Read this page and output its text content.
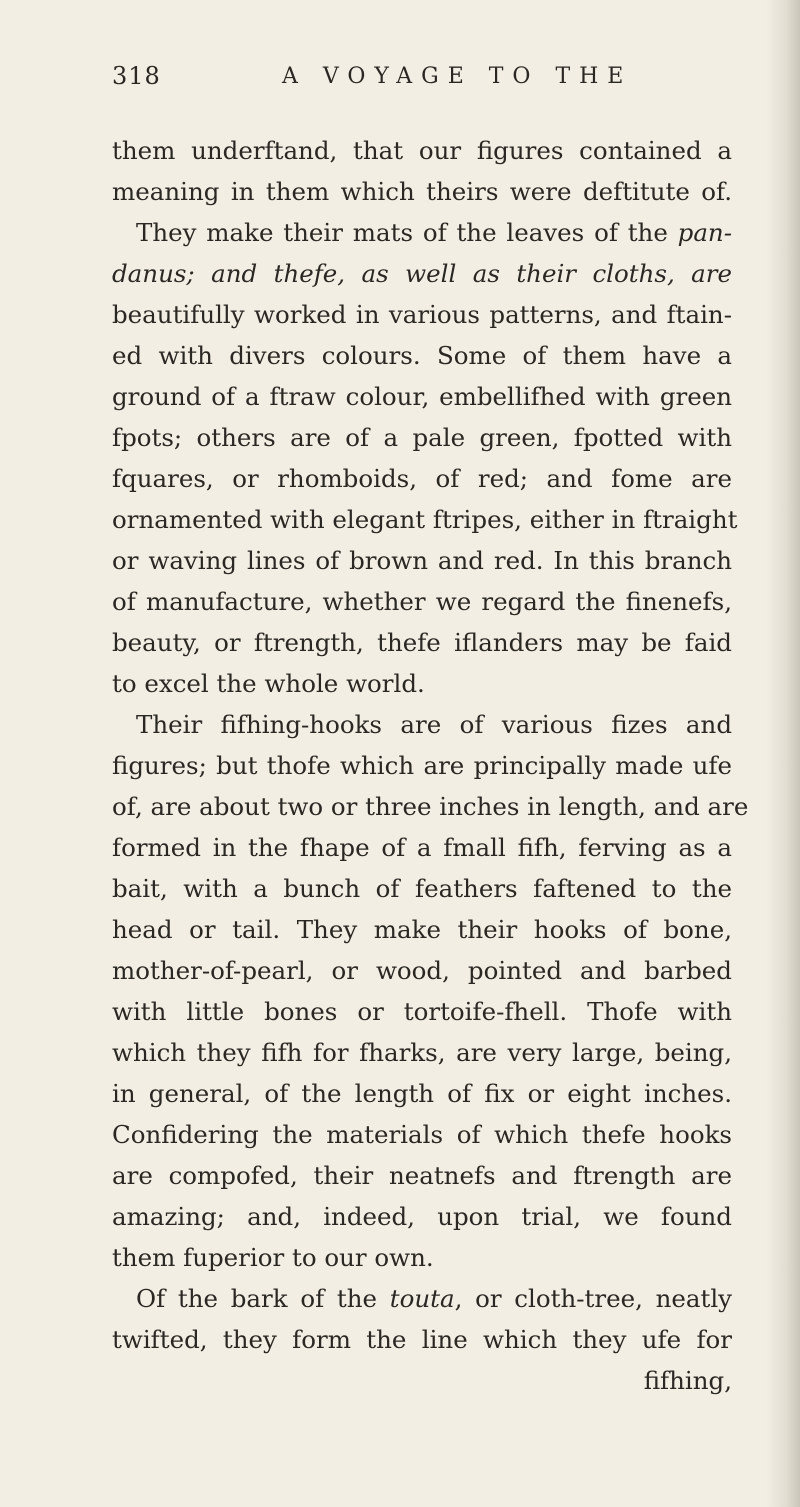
318	A VOYAGE TO THE
them underftand, that our figures contained a
meaning in them which theirs were deftitute of.
They make their mats of the leaves of the pan-
danus; and thefe, as well as their cloths, are
beautifully worked in various patterns, and ftain-
ed with divers colours. Some of them have a
ground of a ftraw colour, embellifhed with green
fpots; others are of a pale green, fpotted with
fquares, or rhomboids, of red; and fome are
ornamented with elegant ftripes, either in ftraight
or waving lines of brown and red. In this branch
of manufacture, whether we regard the finenefs,
beauty, or ftrength, thefe iflanders may be faid
to excel the whole world.
Their fifhing-hooks are of various fizes and
figures; but thofe which are principally made ufe
of, are about two or three inches in length, and are
formed in the fhape of a fmall fifh, ferving as a
bait, with a bunch of feathers faftened to the
head or tail. They make their hooks of bone,
mother-of-pearl, or wood, pointed and barbed
with little bones or tortoife-fhell. Thofe with
which they fifh for fharks, are very large, being,
in general, of the length of fix or eight inches.
Confidering the materials of which thefe hooks
are compofed, their neatnefs and ftrength are
amazing; and, indeed, upon trial, we found
them fuperior to our own.
Of the bark of the touta, or cloth-tree, neatly
twifted, they form the line which they ufe for
fifhing,
